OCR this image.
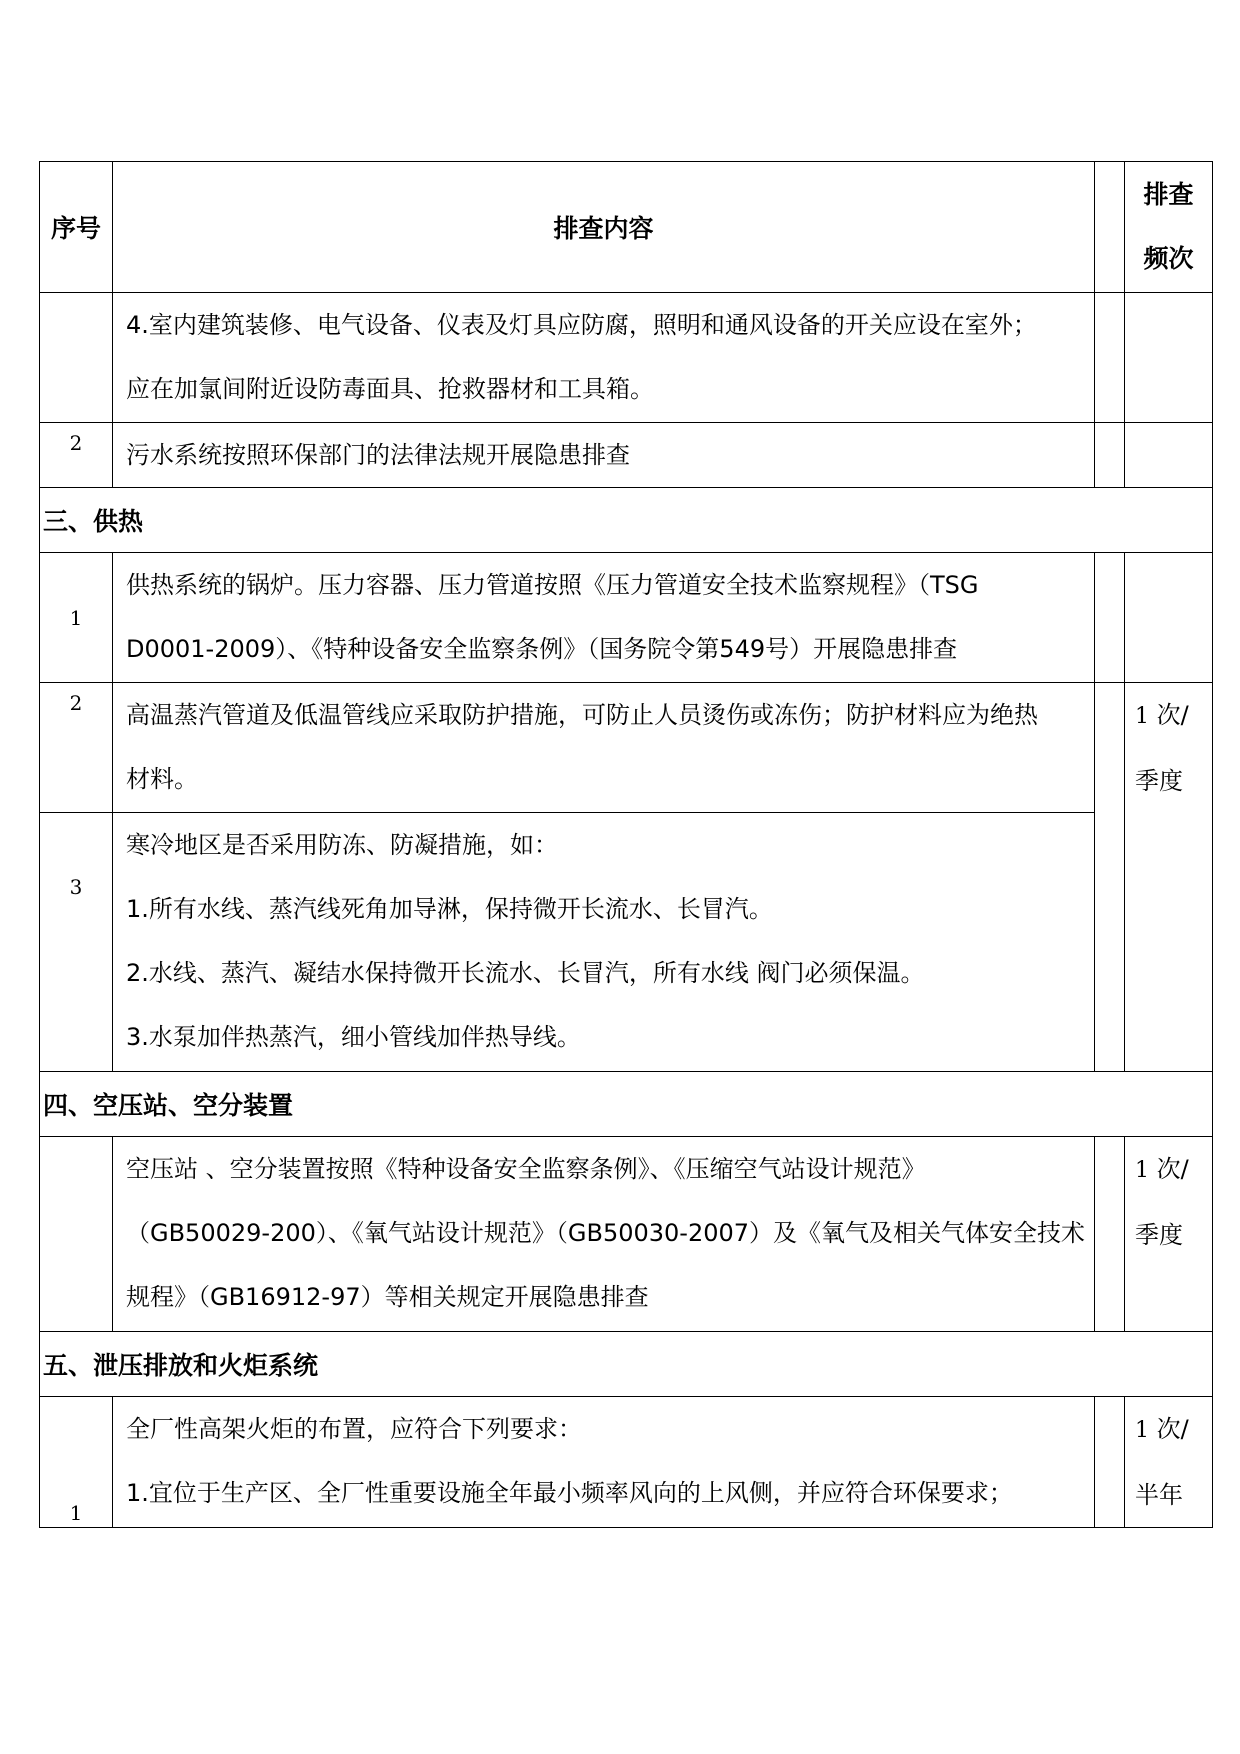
序号	排查内容		排查
频次

	4.室内建筑装修、电气设备、仪表及灯具应防腐，照明和通风设备的开关应设在室外；
应在加氯间附近设防毒面具、抢救器材和工具箱。		

2	污水系统按照环保部门的法律法规开展隐患排查		

三、供热			
1	供热系统的锅炉。压力容器、压力管道按照《压力管道安全技术监察规程》（TSG
D0001-2009）、《特种设备安全监察条例》（国务院令第549号）开展隐患排查		

2	高温蒸汽管道及低温管线应采取防护措施，可防止人员烫伤或冻伤；防护材料应为绝热
材料。		1 次/
季度

3	寒冷地区是否采用防冻、防凝措施，如：
1.所有水线、蒸汽线死角加导淋，保持微开长流水、长冒汽。
2.水线、蒸汽、凝结水保持微开长流水、长冒汽，所有水线 阀门必须保温。
3.水泵加伴热蒸汽，细小管线加伴热导线。		

四、空压站、空分装置			

	空压站 、空分装置按照《特种设备安全监察条例》、《压缩空气站设计规范》
（GB50029-200）、《氧气站设计规范》（GB50030-2007）及《氧气及相关气体安全技术
规程》（GB16912-97）等相关规定开展隐患排查		1 次/
季度

五、泄压排放和火炬系统			
1	全厂性高架火炬的布置，应符合下列要求：
1.宜位于生产区、全厂性重要设施全年最小频率风向的上风侧，并应符合环保要求；		1 次/
半年
